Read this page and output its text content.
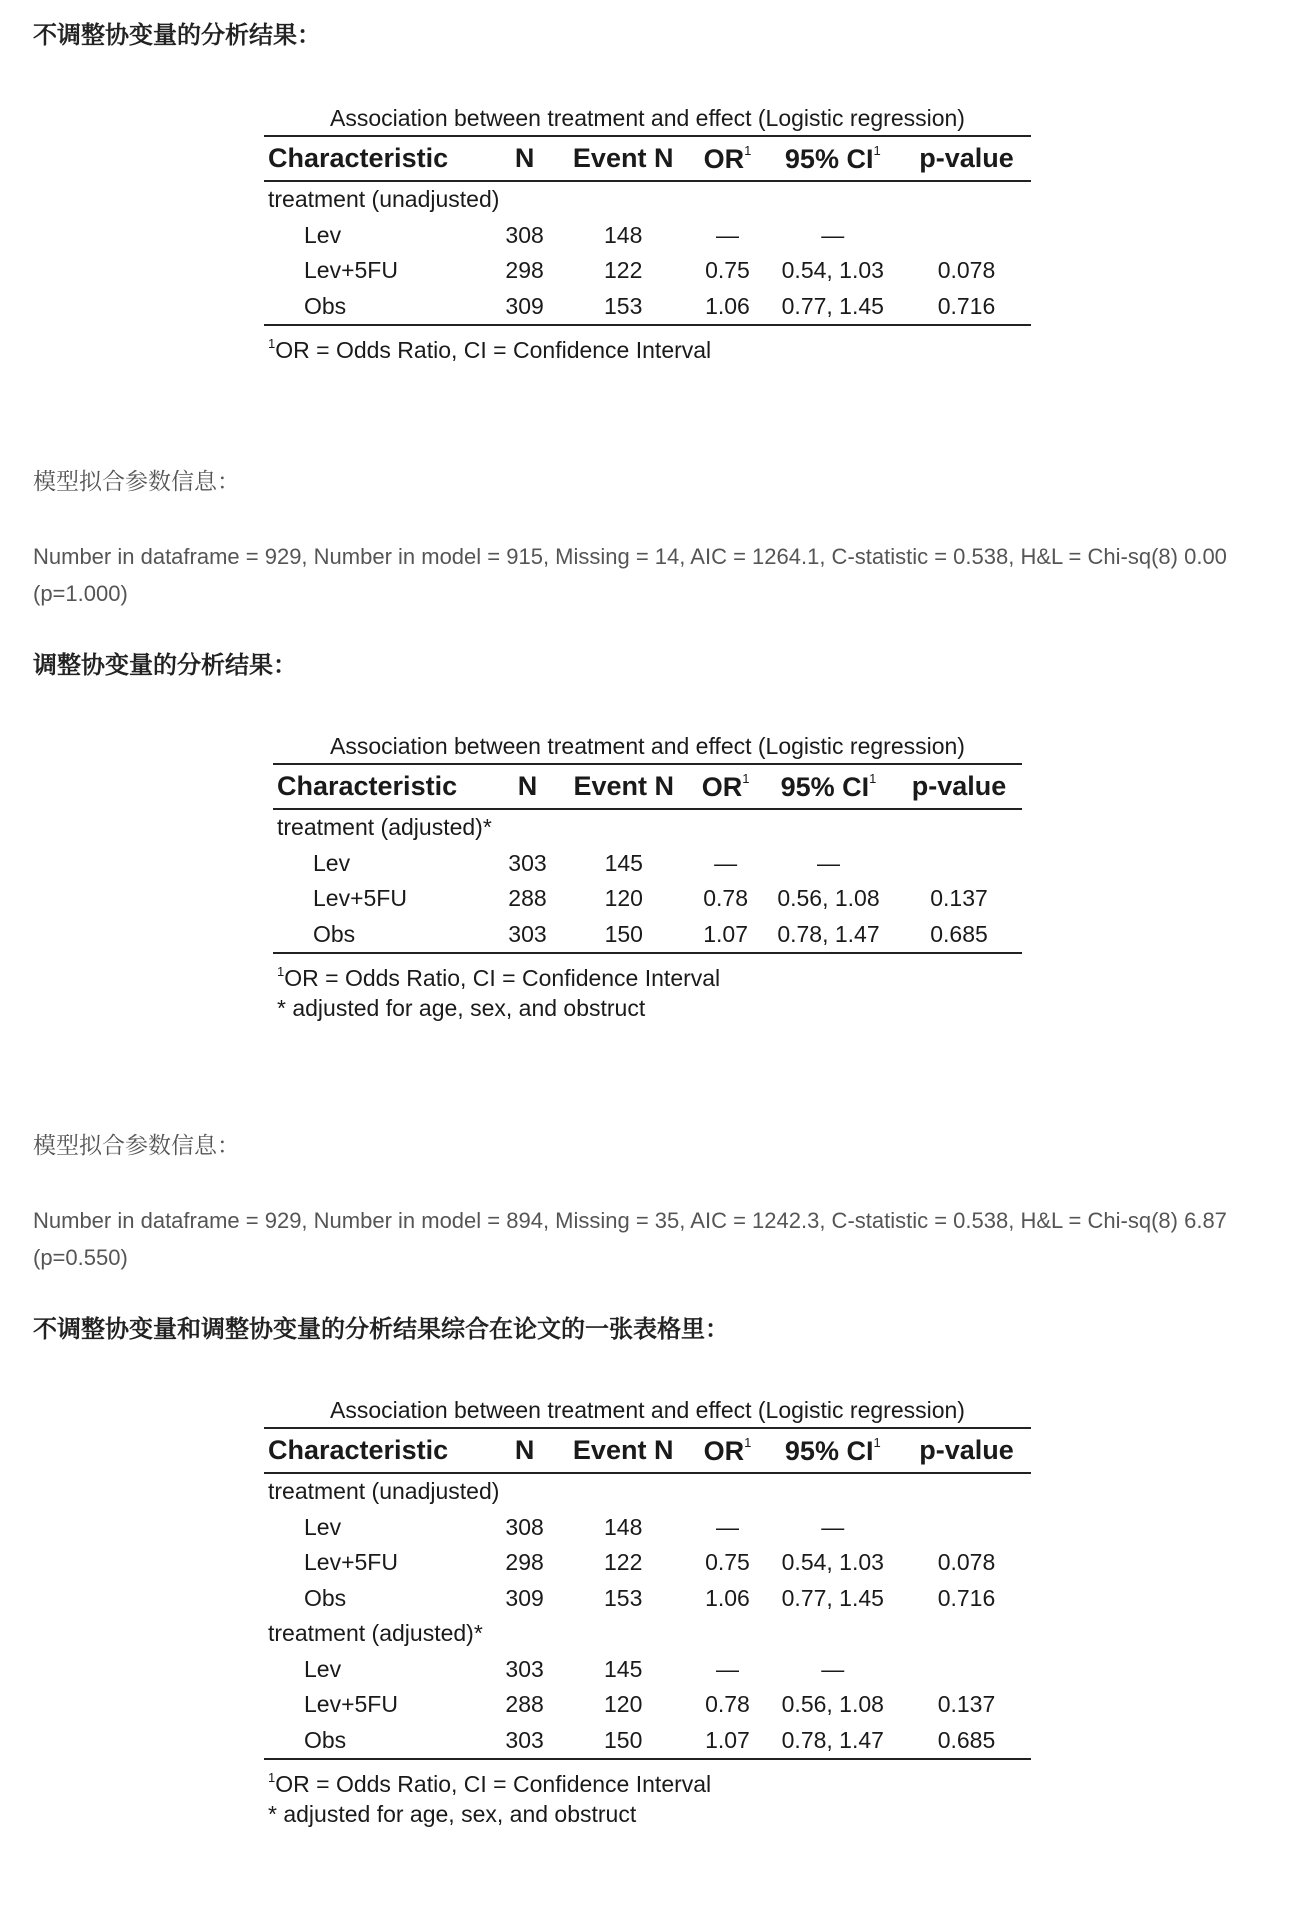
不调整协变量的分析结果：
Association between treatment and effect (Logistic regression)
Characteristic	N	Event N	$OR^1$	95% $CI^1$	p-value
treatment (unadjusted)					
Lev	308	148	—	—	
Lev+5FU	298	122	0.75	0.54, 1.03	0.078
Obs	309	153	1.06	0.77, 1.45	0.716
$^1$OR = Odds Ratio, CI = Confidence Interval
模型拟合参数信息：
Number in dataframe = 929, Number in model = 915, Missing = 14, AIC = 1264.1, C-statistic = 0.538, H&L = Chi-sq(8) 0.00 (p=1.000)
调整协变量的分析结果：
Association between treatment and effect (Logistic regression)
Characteristic	N	Event N	$OR^1$	95% $CI^1$	p-value
treatment (adjusted)*					
Lev	303	145	—	—	
Lev+5FU	288	120	0.78	0.56, 1.08	0.137
Obs	303	150	1.07	0.78, 1.47	0.685
$^1$OR = Odds Ratio, CI = Confidence Interval
* adjusted for age, sex, and obstruct
模型拟合参数信息：
Number in dataframe = 929, Number in model = 894, Missing = 35, AIC = 1242.3, C-statistic = 0.538, H&L = Chi-sq(8) 6.87 (p=0.550)
不调整协变量和调整协变量的分析结果综合在论文的一张表格里：
Association between treatment and effect (Logistic regression)
Characteristic	N	Event N	$OR^1$	95% $CI^1$	p-value
treatment (unadjusted)					
Lev	308	148	—	—	
Lev+5FU	298	122	0.75	0.54, 1.03	0.078
Obs	309	153	1.06	0.77, 1.45	0.716
treatment (adjusted)*					
Lev	303	145	—	—	
Lev+5FU	288	120	0.78	0.56, 1.08	0.137
Obs	303	150	1.07	0.78, 1.47	0.685
$^1$OR = Odds Ratio, CI = Confidence Interval
* adjusted for age, sex, and obstruct
